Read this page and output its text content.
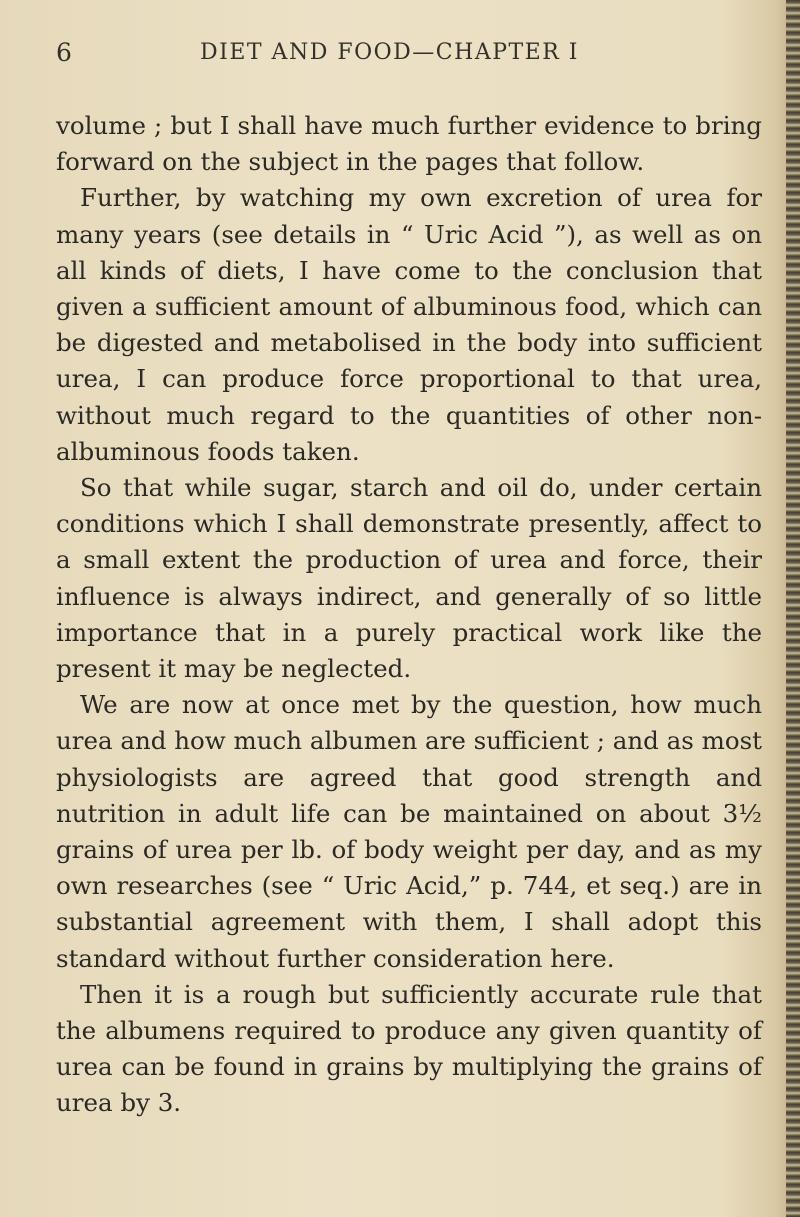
6	DIET AND FOOD—CHAPTER I

volume ; but I shall have much further evidence to bring forward on the subject in the pages that follow.

Further, by watching my own excretion of urea for many years (see details in “ Uric Acid ”), as well as on all kinds of diets, I have come to the conclusion that given a sufficient amount of albuminous food, which can be digested and metabolised in the body into sufficient urea, I can produce force proportional to that urea, without much regard to the quantities of other non-albuminous foods taken.

So that while sugar, starch and oil do, under certain conditions which I shall demonstrate presently, affect to a small extent the production of urea and force, their influence is always indirect, and generally of so little importance that in a purely practical work like the present it may be neglected.

We are now at once met by the question, how much urea and how much albumen are sufficient ; and as most physiologists are agreed that good strength and nutrition in adult life can be maintained on about 3½ grains of urea per lb. of body weight per day, and as my own researches (see “ Uric Acid,” p. 744, et seq.) are in substantial agreement with them, I shall adopt this standard without further consideration here.

Then it is a rough but sufficiently accurate rule that the albumens required to produce any given quantity of urea can be found in grains by multiplying the grains of urea by 3.
